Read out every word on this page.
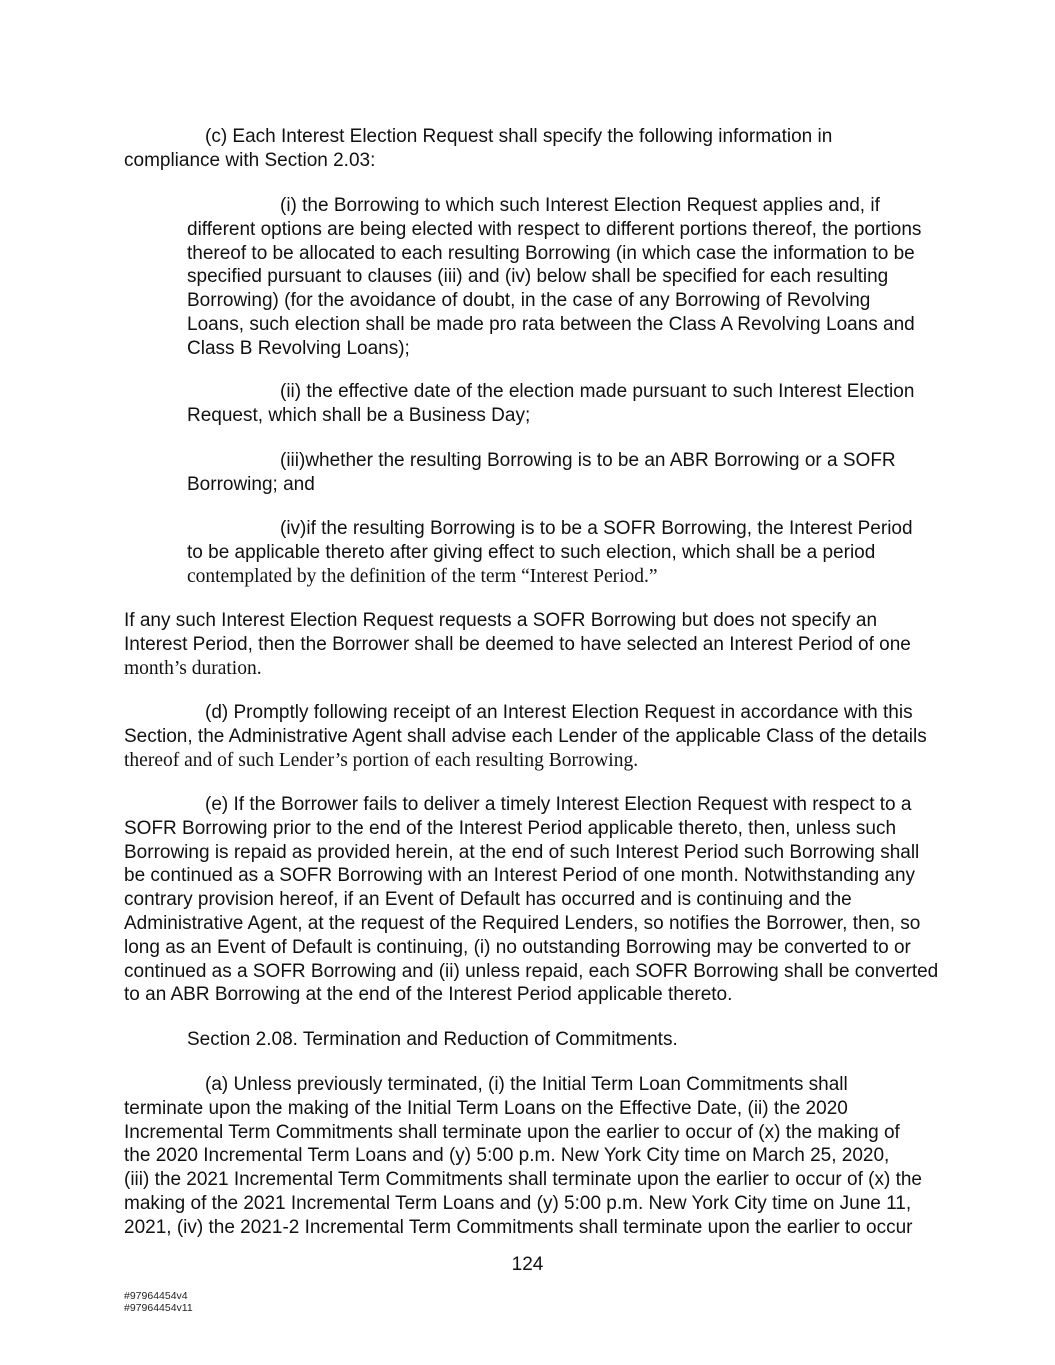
(c) Each Interest Election Request shall specify the following information in
compliance with Section 2.03:
(i) the Borrowing to which such Interest Election Request applies and, if
different options are being elected with respect to different portions thereof, the portions
thereof to be allocated to each resulting Borrowing (in which case the information to be
specified pursuant to clauses (iii) and (iv) below shall be specified for each resulting
Borrowing) (for the avoidance of doubt, in the case of any Borrowing of Revolving
Loans, such election shall be made pro rata between the Class A Revolving Loans and
Class B Revolving Loans);
(ii) the effective date of the election made pursuant to such Interest Election
Request, which shall be a Business Day;
(iii)whether the resulting Borrowing is to be an ABR Borrowing or a SOFR
Borrowing; and
(iv)if the resulting Borrowing is to be a SOFR Borrowing, the Interest Period
to be applicable thereto after giving effect to such election, which shall be a period
contemplated by the definition of the term “Interest Period.”
If any such Interest Election Request requests a SOFR Borrowing but does not specify an
Interest Period, then the Borrower shall be deemed to have selected an Interest Period of one
month’s duration.
(d) Promptly following receipt of an Interest Election Request in accordance with this
Section, the Administrative Agent shall advise each Lender of the applicable Class of the details
thereof and of such Lender’s portion of each resulting Borrowing.
(e) If the Borrower fails to deliver a timely Interest Election Request with respect to a
SOFR Borrowing prior to the end of the Interest Period applicable thereto, then, unless such
Borrowing is repaid as provided herein, at the end of such Interest Period such Borrowing shall
be continued as a SOFR Borrowing with an Interest Period of one month. Notwithstanding any
contrary provision hereof, if an Event of Default has occurred and is continuing and the
Administrative Agent, at the request of the Required Lenders, so notifies the Borrower, then, so
long as an Event of Default is continuing, (i) no outstanding Borrowing may be converted to or
continued as a SOFR Borrowing and (ii) unless repaid, each SOFR Borrowing shall be converted
to an ABR Borrowing at the end of the Interest Period applicable thereto.
Section 2.08. Termination and Reduction of Commitments.
(a) Unless previously terminated, (i) the Initial Term Loan Commitments shall
terminate upon the making of the Initial Term Loans on the Effective Date, (ii) the 2020
Incremental Term Commitments shall terminate upon the earlier to occur of (x) the making of
the 2020 Incremental Term Loans and (y) 5:00 p.m. New York City time on March 25, 2020,
(iii) the 2021 Incremental Term Commitments shall terminate upon the earlier to occur of (x) the
making of the 2021 Incremental Term Loans and (y) 5:00 p.m. New York City time on June 11,
2021, (iv) the 2021-2 Incremental Term Commitments shall terminate upon the earlier to occur
124
#97964454v4
#97964454v11
